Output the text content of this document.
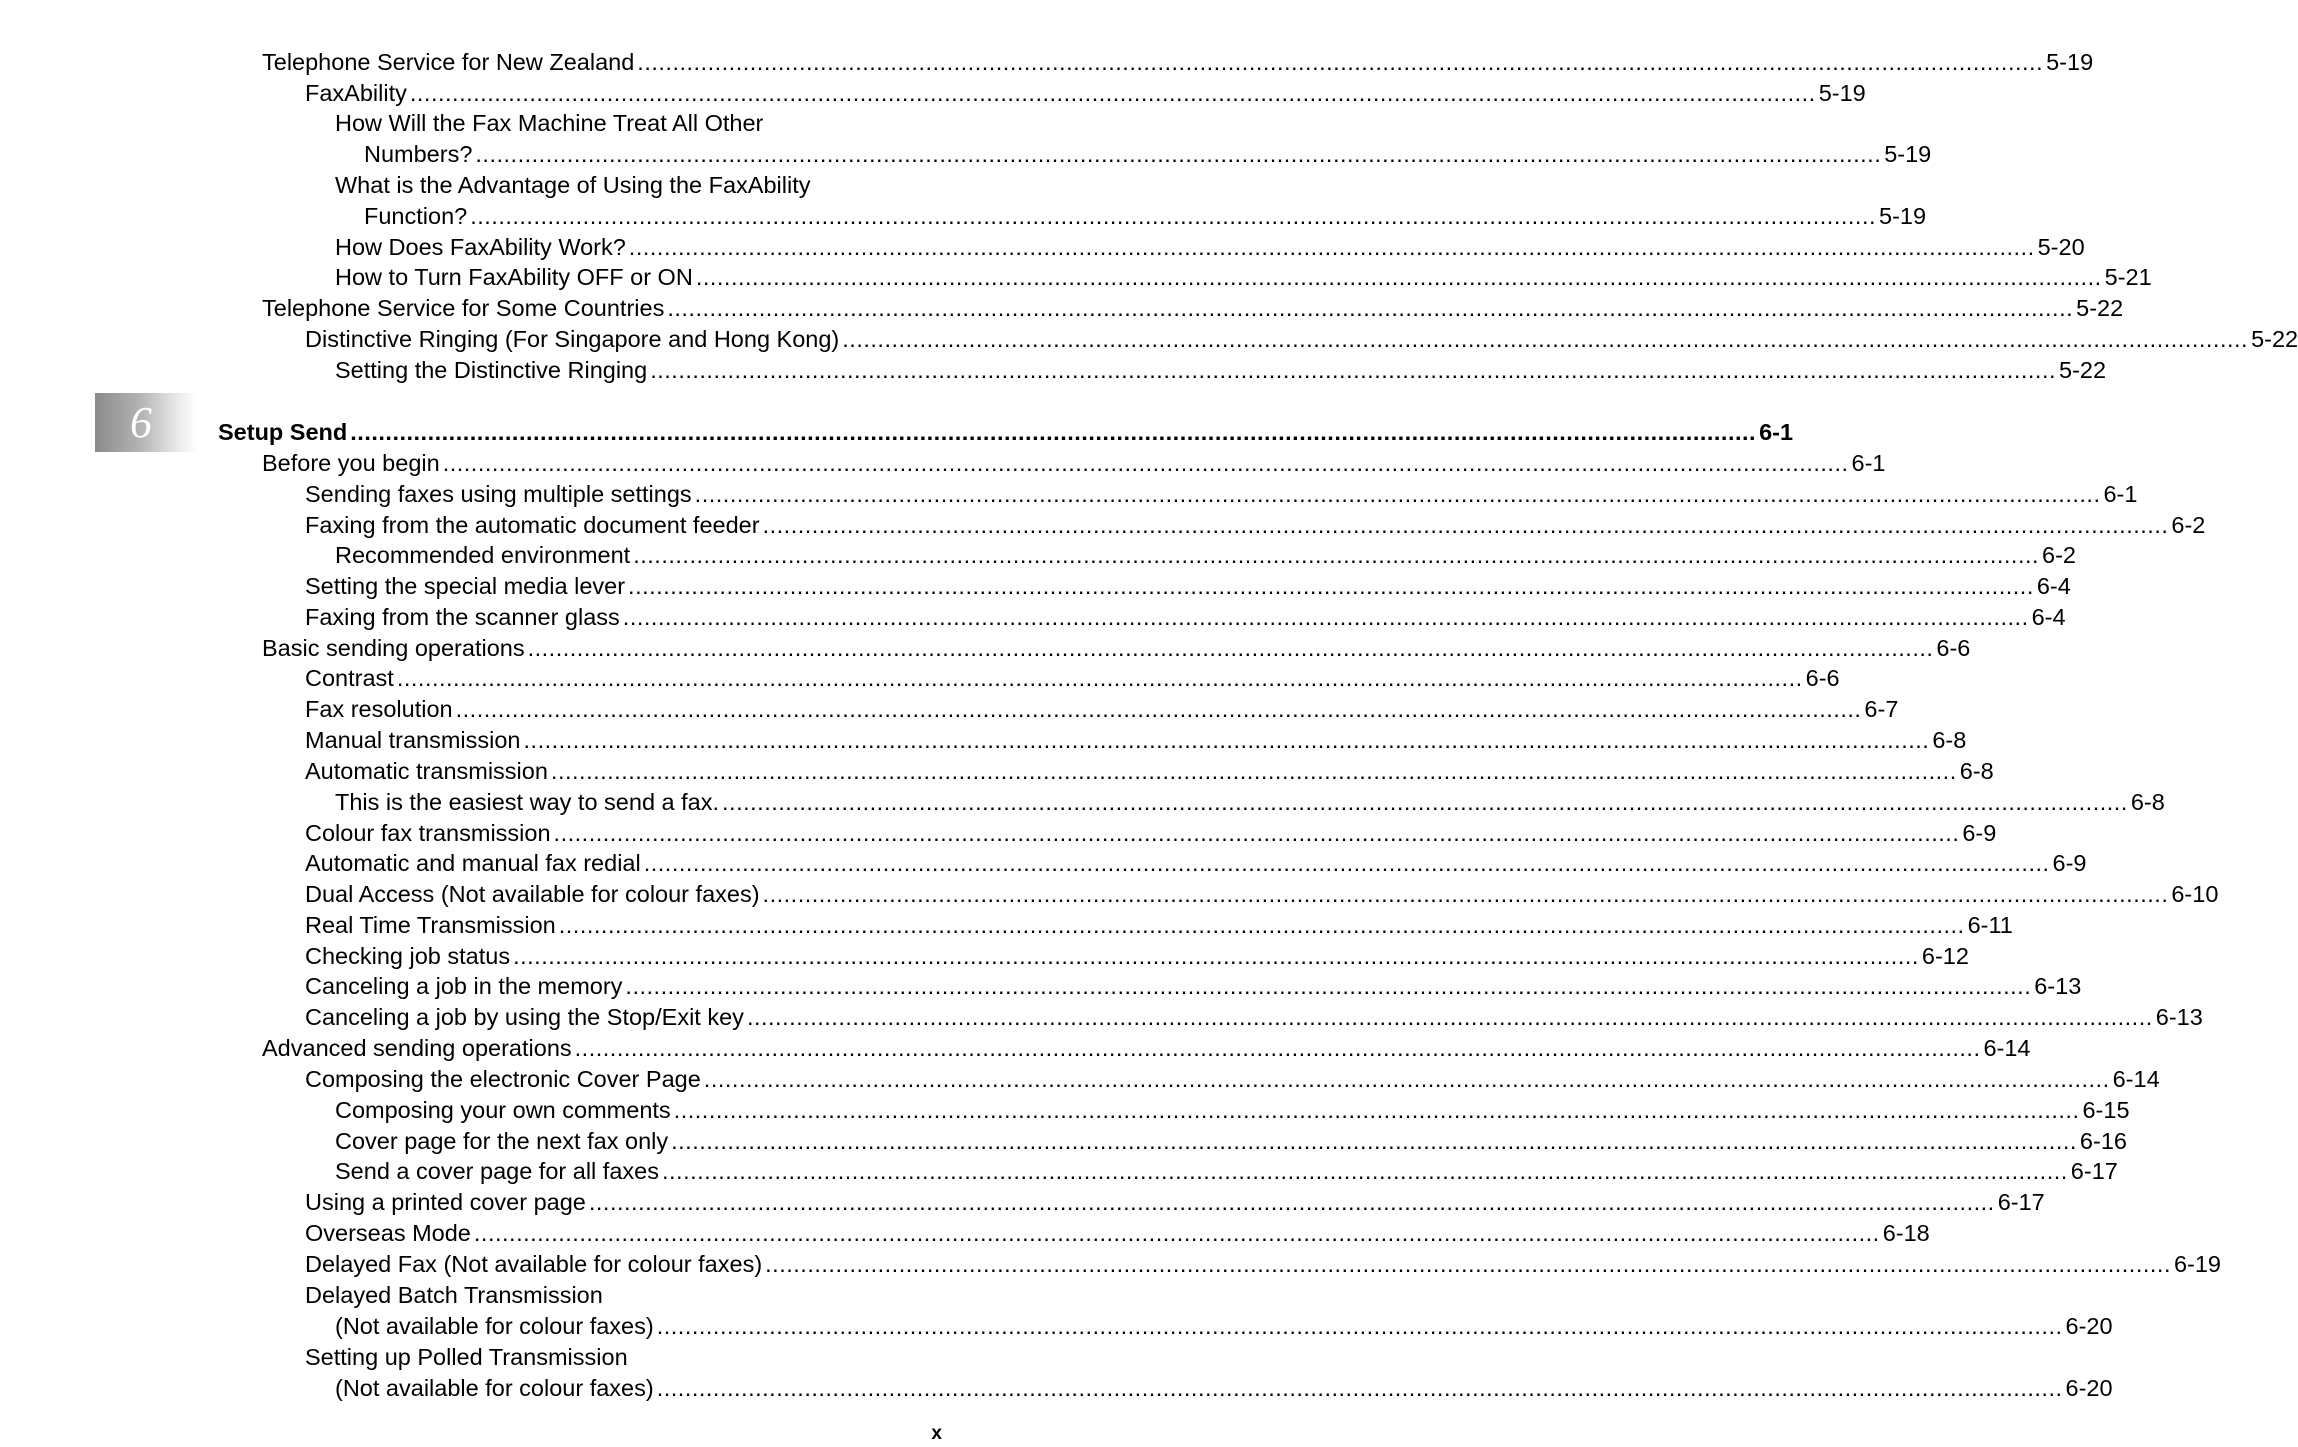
Telephone Service for New Zealand ........................................................................................................................................................................................................ 5-19
FaxAbility ........................................................................................................................................................................................................ 5-19
How Will the Fax Machine Treat All Other
Numbers? ........................................................................................................................................................................................................ 5-19
What is the Advantage of Using the FaxAbility
Function? ........................................................................................................................................................................................................ 5-19
How Does FaxAbility Work? ........................................................................................................................................................................................................ 5-20
How to Turn FaxAbility OFF or ON ........................................................................................................................................................................................................ 5-21
Telephone Service for Some Countries ........................................................................................................................................................................................................ 5-22
Distinctive Ringing (For Singapore and Hong Kong) ........................................................................................................................................................................................................ 5-22
Setting the Distinctive Ringing ........................................................................................................................................................................................................ 5-22
6	Setup Send ........................................................................................................................................................................................................ 6-1
Before you begin ........................................................................................................................................................................................................ 6-1
Sending faxes using multiple settings ........................................................................................................................................................................................................ 6-1
Faxing from the automatic document feeder ........................................................................................................................................................................................................ 6-2
Recommended environment ........................................................................................................................................................................................................ 6-2
Setting the special media lever ........................................................................................................................................................................................................ 6-4
Faxing from the scanner glass ........................................................................................................................................................................................................ 6-4
Basic sending operations ........................................................................................................................................................................................................ 6-6
Contrast ........................................................................................................................................................................................................ 6-6
Fax resolution ........................................................................................................................................................................................................ 6-7
Manual transmission ........................................................................................................................................................................................................ 6-8
Automatic transmission ........................................................................................................................................................................................................ 6-8
This is the easiest way to send a fax. ........................................................................................................................................................................................................ 6-8
Colour fax transmission ........................................................................................................................................................................................................ 6-9
Automatic and manual fax redial ........................................................................................................................................................................................................ 6-9
Dual Access (Not available for colour faxes) ........................................................................................................................................................................................................ 6-10
Real Time Transmission ........................................................................................................................................................................................................ 6-11
Checking job status ........................................................................................................................................................................................................ 6-12
Canceling a job in the memory ........................................................................................................................................................................................................ 6-13
Canceling a job by using the Stop/Exit key ........................................................................................................................................................................................................ 6-13
Advanced sending operations ........................................................................................................................................................................................................ 6-14
Composing the electronic Cover Page ........................................................................................................................................................................................................ 6-14
Composing your own comments ........................................................................................................................................................................................................ 6-15
Cover page for the next fax only ........................................................................................................................................................................................................ 6-16
Send a cover page for all faxes ........................................................................................................................................................................................................ 6-17
Using a printed cover page ........................................................................................................................................................................................................ 6-17
Overseas Mode ........................................................................................................................................................................................................ 6-18
Delayed Fax (Not available for colour faxes) ........................................................................................................................................................................................................ 6-19
Delayed Batch Transmission
(Not available for colour faxes) ........................................................................................................................................................................................................ 6-20
Setting up Polled Transmission
(Not available for colour faxes) ........................................................................................................................................................................................................ 6-20
x
